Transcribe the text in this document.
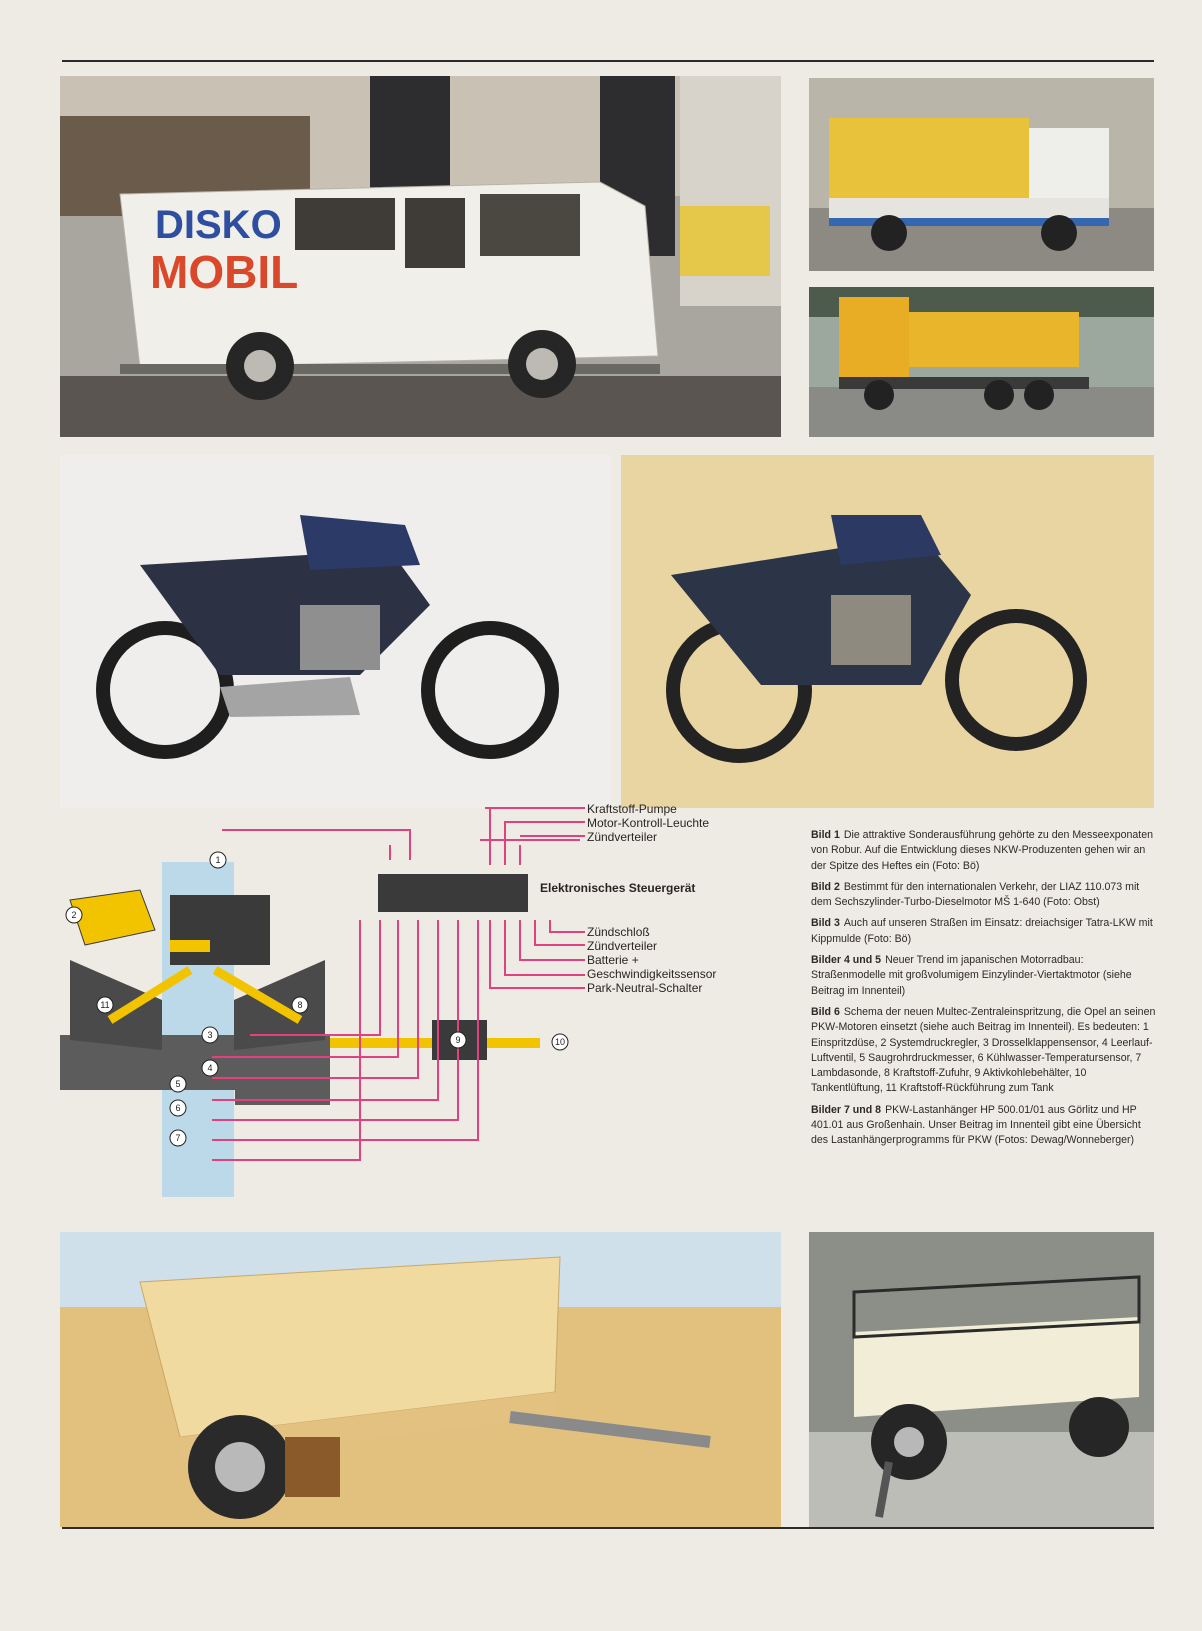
DISKO
MOBIL
Elektronisches Steuergerät
Kraftstoff-Pumpe
Motor-Kontroll-Leuchte
Zündverteiler
Zündschloß
Zündverteiler
Batterie +
Geschwindigkeitssensor
Park-Neutral-Schalter
1
2
3
4
5
6
7
8
9	10
11

Bild 1 Die attraktive Sonderausführung gehörte zu den Messeexponaten von Robur. Auf die Entwicklung dieses NKW-Produzenten gehen wir an der Spitze des Heftes ein (Foto: Bö)

Bild 2 Bestimmt für den internationalen Verkehr, der LIAZ 110.073 mit dem Sechszylinder-Turbo-Dieselmotor MŠ 1-640 (Foto: Obst)

Bild 3 Auch auf unseren Straßen im Einsatz: dreiachsiger Tatra-LKW mit Kippmulde (Foto: Bö)

Bilder 4 und 5 Neuer Trend im japanischen Motorradbau: Straßenmodelle mit großvolumigem Einzylinder-Viertaktmotor (siehe Beitrag im Innenteil)

Bild 6 Schema der neuen Multec-Zentraleinspritzung, die Opel an seinen PKW-Motoren einsetzt (siehe auch Beitrag im Innenteil). Es bedeuten: 1 Einspritzdüse, 2 Systemdruckregler, 3 Drosselklappensensor, 4 Leerlauf-Luftventil, 5 Saugrohrdruckmesser, 6 Kühlwasser-Temperatursensor, 7 Lambdasonde, 8 Kraftstoff-Zufuhr, 9 Aktivkohlebehälter, 10 Tankentlüftung, 11 Kraftstoff-Rückführung zum Tank

Bilder 7 und 8 PKW-Lastanhänger HP 500.01/01 aus Görlitz und HP 401.01 aus Großenhain. Unser Beitrag im Innenteil gibt eine Übersicht des Lastanhängerprogramms für PKW (Fotos: Dewag/Wonneberger)
